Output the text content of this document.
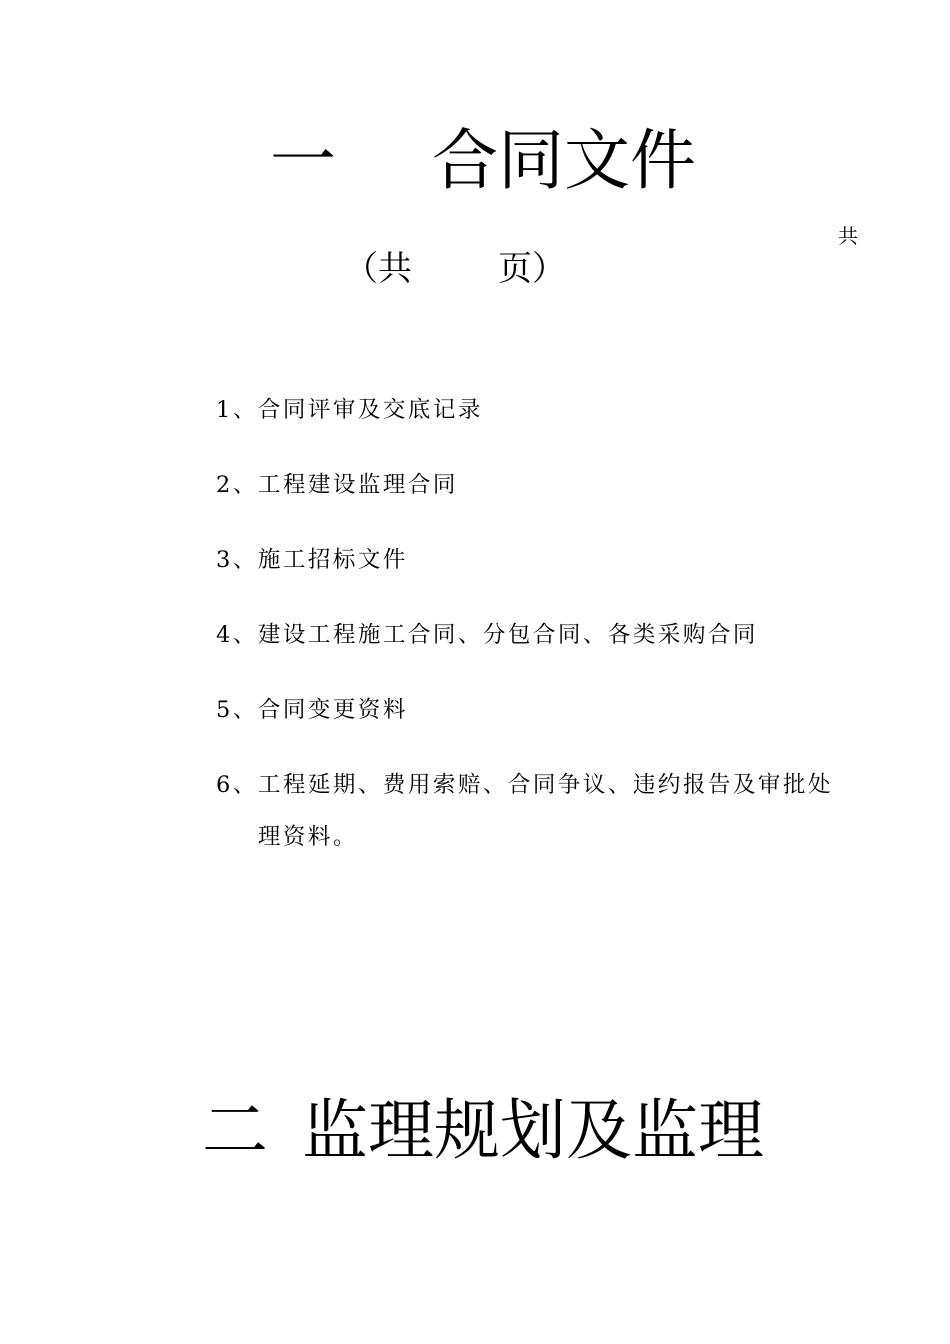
一 合同文件
共
（共	页）
1、 合同评审及交底记录
2、 工程建设监理合同
3、 施工招标文件
4、 建设工程施工合同、分包合同、各类采购合同
5、 合同变更资料
6、 工程延期、费用索赔、合同争议、违约报告及审批处理资料。
二 监理规划及监理
